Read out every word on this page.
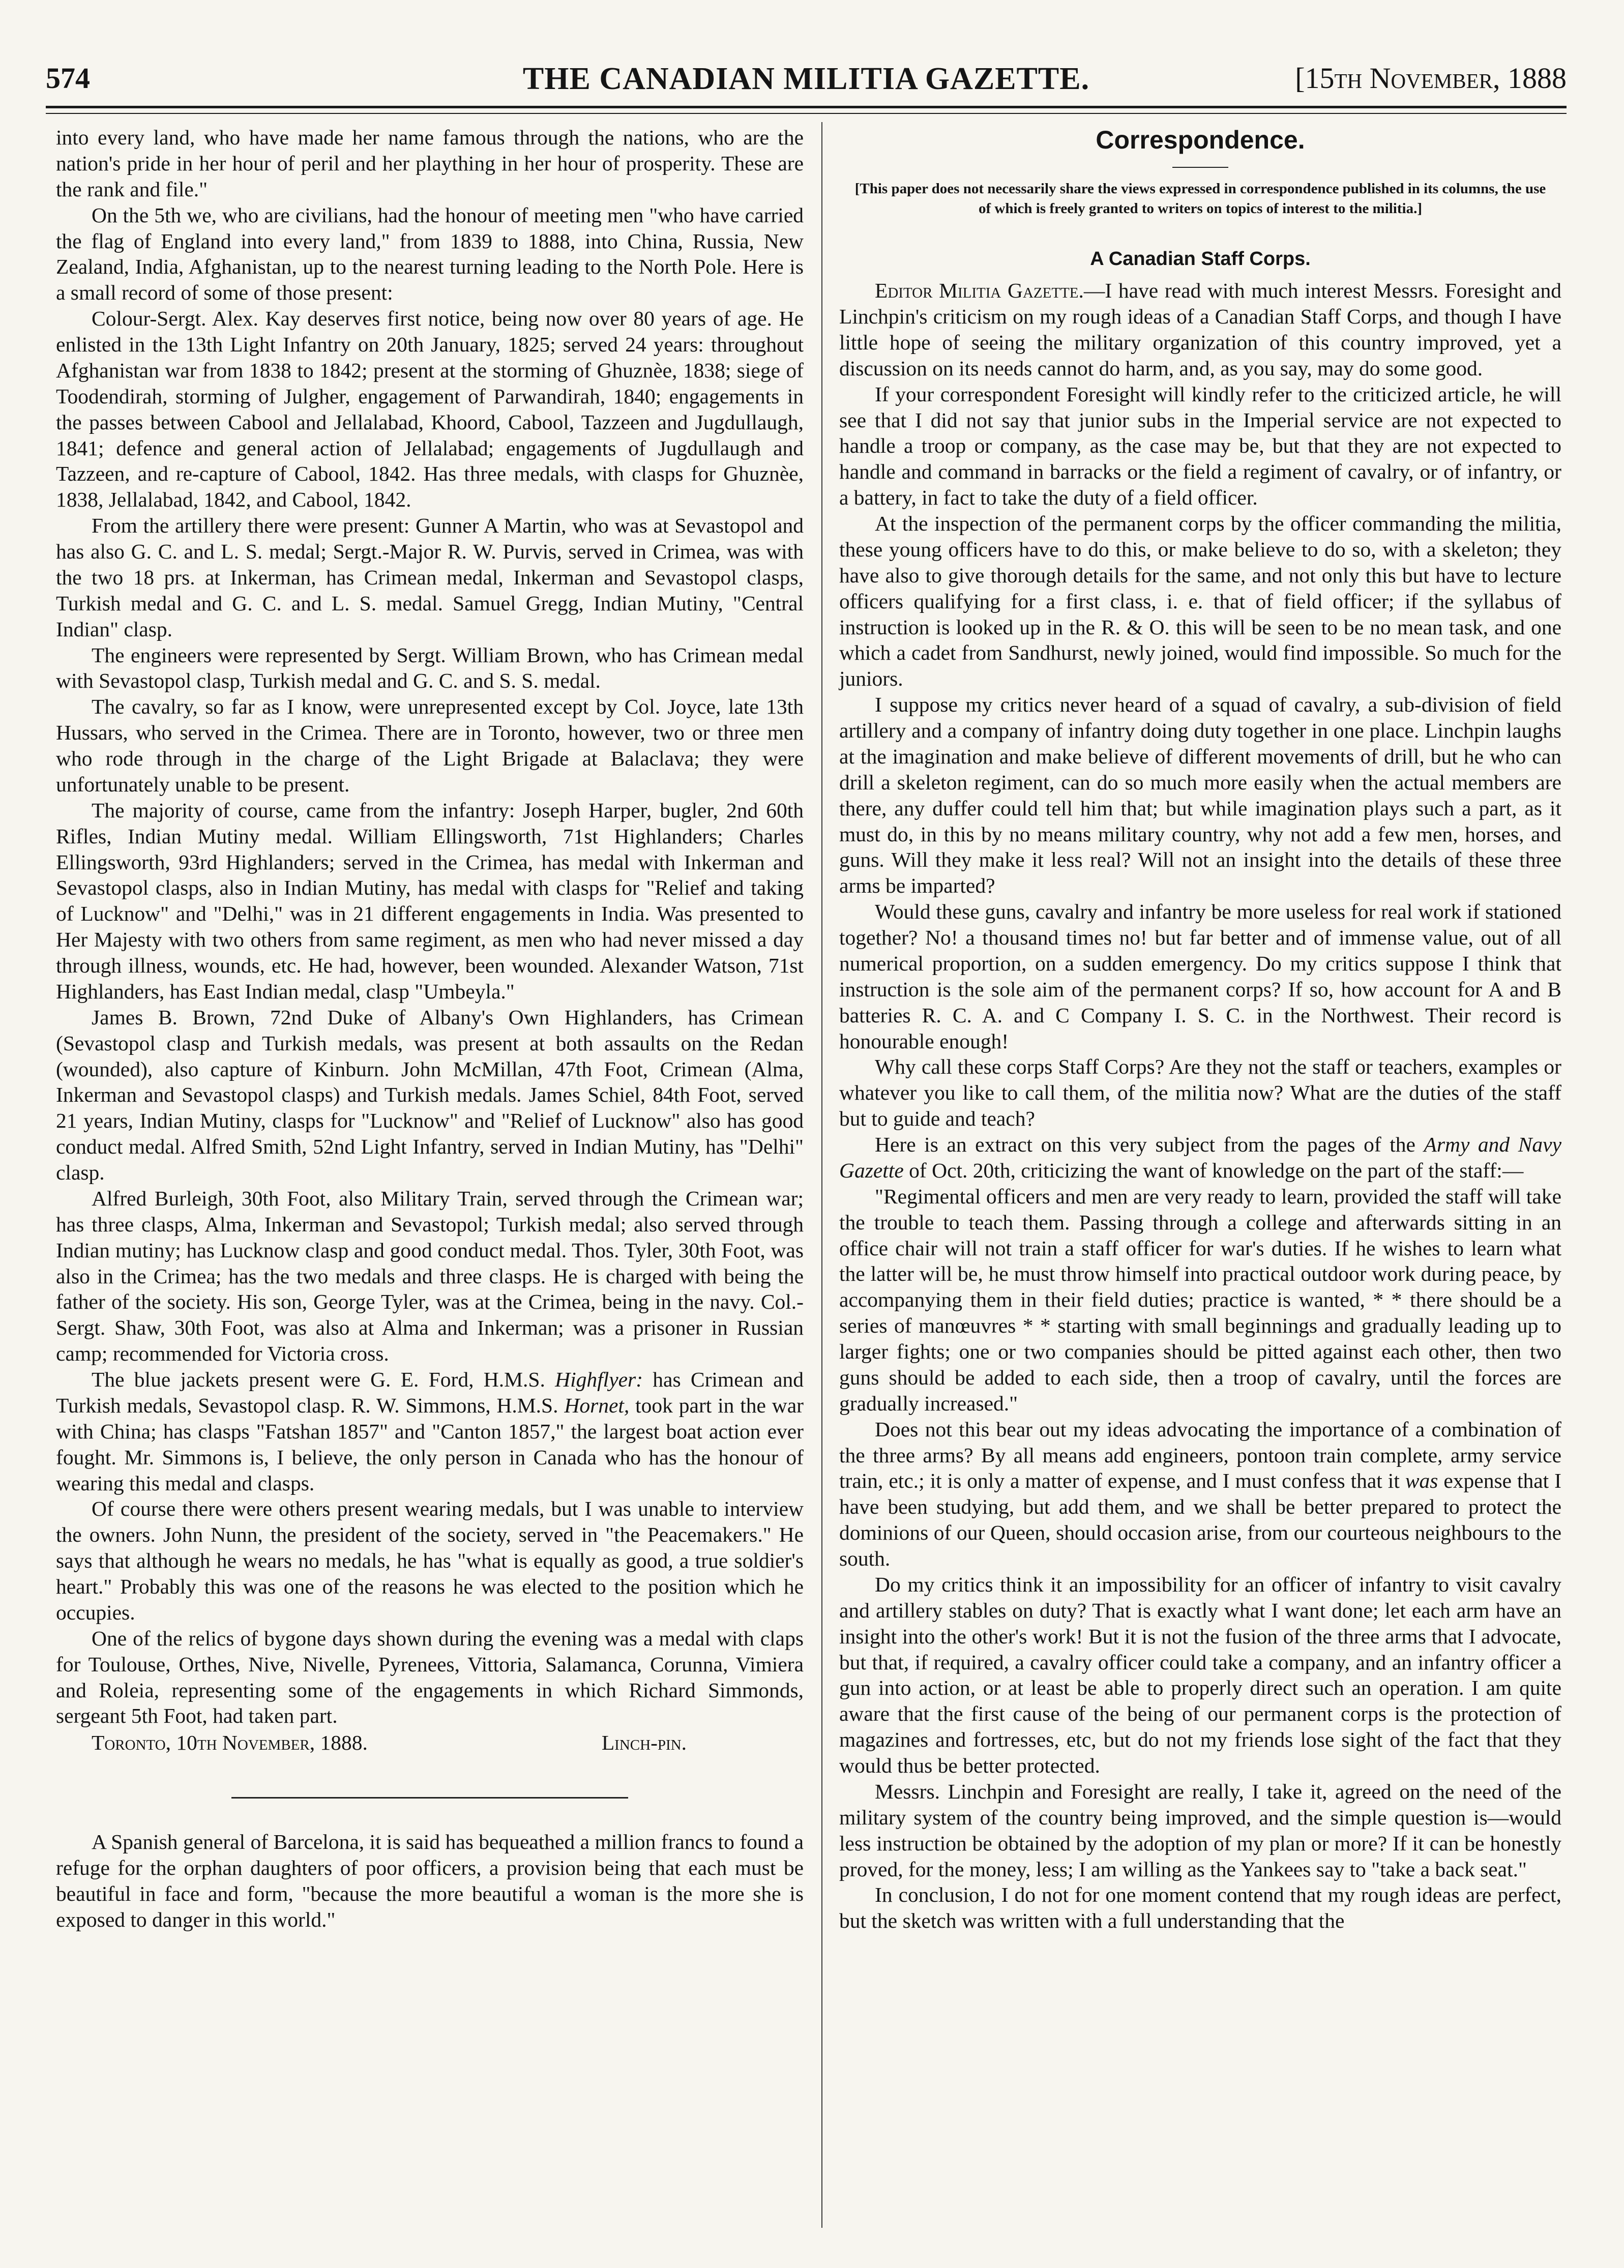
574	THE CANADIAN MILITIA GAZETTE.	[15th November, 1888

into every land, who have made her name famous through the nations, who are the nation's pride in her hour of peril and her plaything in her hour of prosperity. These are the rank and file."

On the 5th we, who are civilians, had the honour of meeting men "who have carried the flag of England into every land," from 1839 to 1888, into China, Russia, New Zealand, India, Afghanistan, up to the nearest turning leading to the North Pole. Here is a small record of some of those present:

Colour-Sergt. Alex. Kay deserves first notice, being now over 80 years of age. He enlisted in the 13th Light Infantry on 20th January, 1825; served 24 years: throughout Afghanistan war from 1838 to 1842; present at the storming of Ghuznèe, 1838; siege of Toodendirah, storming of Julgher, engagement of Parwandirah, 1840; engagements in the passes between Cabool and Jellalabad, Khoord, Cabool, Tazzeen and Jugdullaugh, 1841; defence and general action of Jellalabad; engagements of Jugdullaugh and Tazzeen, and re-capture of Cabool, 1842. Has three medals, with clasps for Ghuznèe, 1838, Jellalabad, 1842, and Cabool, 1842.

From the artillery there were present: Gunner A Martin, who was at Sevastopol and has also G. C. and L. S. medal; Sergt.-Major R. W. Purvis, served in Crimea, was with the two 18 prs. at Inkerman, has Crimean medal, Inkerman and Sevastopol clasps, Turkish medal and G. C. and L. S. medal. Samuel Gregg, Indian Mutiny, "Central Indian" clasp.

The engineers were represented by Sergt. William Brown, who has Crimean medal with Sevastopol clasp, Turkish medal and G. C. and S. S. medal.

The cavalry, so far as I know, were unrepresented except by Col. Joyce, late 13th Hussars, who served in the Crimea. There are in Toronto, however, two or three men who rode through in the charge of the Light Brigade at Balaclava; they were unfortunately unable to be present.

The majority of course, came from the infantry: Joseph Harper, bugler, 2nd 60th Rifles, Indian Mutiny medal. William Ellingsworth, 71st Highlanders; Charles Ellingsworth, 93rd Highlanders; served in the Crimea, has medal with Inkerman and Sevastopol clasps, also in Indian Mutiny, has medal with clasps for "Relief and taking of Lucknow" and "Delhi," was in 21 different engagements in India. Was presented to Her Majesty with two others from same regiment, as men who had never missed a day through illness, wounds, etc. He had, however, been wounded. Alexander Watson, 71st Highlanders, has East Indian medal, clasp "Umbeyla."

James B. Brown, 72nd Duke of Albany's Own Highlanders, has Crimean (Sevastopol clasp and Turkish medals, was present at both assaults on the Redan (wounded), also capture of Kinburn. John McMillan, 47th Foot, Crimean (Alma, Inkerman and Sevastopol clasps) and Turkish medals. James Schiel, 84th Foot, served 21 years, Indian Mutiny, clasps for "Lucknow" and "Relief of Lucknow" also has good conduct medal. Alfred Smith, 52nd Light Infantry, served in Indian Mutiny, has "Delhi" clasp.

Alfred Burleigh, 30th Foot, also Military Train, served through the Crimean war; has three clasps, Alma, Inkerman and Sevastopol; Turkish medal; also served through Indian mutiny; has Lucknow clasp and good conduct medal. Thos. Tyler, 30th Foot, was also in the Crimea; has the two medals and three clasps. He is charged with being the father of the society. His son, George Tyler, was at the Crimea, being in the navy. Col.-Sergt. Shaw, 30th Foot, was also at Alma and Inkerman; was a prisoner in Russian camp; recommended for Victoria cross.

The blue jackets present were G. E. Ford, H.M.S. Highflyer: has Crimean and Turkish medals, Sevastopol clasp. R. W. Simmons, H.M.S. Hornet, took part in the war with China; has clasps "Fatshan 1857" and "Canton 1857," the largest boat action ever fought. Mr. Simmons is, I believe, the only person in Canada who has the honour of wearing this medal and clasps.

Of course there were others present wearing medals, but I was unable to interview the owners. John Nunn, the president of the society, served in "the Peacemakers." He says that although he wears no medals, he has "what is equally as good, a true soldier's heart." Probably this was one of the reasons he was elected to the position which he occupies.

One of the relics of bygone days shown during the evening was a medal with claps for Toulouse, Orthes, Nive, Nivelle, Pyrenees, Vittoria, Salamanca, Corunna, Vimiera and Roleia, representing some of the engagements in which Richard Simmonds, sergeant 5th Foot, had taken part.

Toronto, 10th November, 1888.	Linch-pin.

A Spanish general of Barcelona, it is said has bequeathed a million francs to found a refuge for the orphan daughters of poor officers, a provision being that each must be beautiful in face and form, "because the more beautiful a woman is the more she is exposed to danger in this world."

Correspondence.
[This paper does not necessarily share the views expressed in correspondence published in its columns, the use of which is freely granted to writers on topics of interest to the militia.]
A Canadian Staff Corps.

Editor Militia Gazette.—I have read with much interest Messrs. Foresight and Linchpin's criticism on my rough ideas of a Canadian Staff Corps, and though I have little hope of seeing the military organization of this country improved, yet a discussion on its needs cannot do harm, and, as you say, may do some good.

If your correspondent Foresight will kindly refer to the criticized article, he will see that I did not say that junior subs in the Imperial service are not expected to handle a troop or company, as the case may be, but that they are not expected to handle and command in barracks or the field a regiment of cavalry, or of infantry, or a battery, in fact to take the duty of a field officer.

At the inspection of the permanent corps by the officer commanding the militia, these young officers have to do this, or make believe to do so, with a skeleton; they have also to give thorough details for the same, and not only this but have to lecture officers qualifying for a first class, i. e. that of field officer; if the syllabus of instruction is looked up in the R. & O. this will be seen to be no mean task, and one which a cadet from Sandhurst, newly joined, would find impossible. So much for the juniors.

I suppose my critics never heard of a squad of cavalry, a sub-division of field artillery and a company of infantry doing duty together in one place. Linchpin laughs at the imagination and make believe of different movements of drill, but he who can drill a skeleton regiment, can do so much more easily when the actual members are there, any duffer could tell him that; but while imagination plays such a part, as it must do, in this by no means military country, why not add a few men, horses, and guns. Will they make it less real? Will not an insight into the details of these three arms be imparted?

Would these guns, cavalry and infantry be more useless for real work if stationed together? No! a thousand times no! but far better and of immense value, out of all numerical proportion, on a sudden emergency. Do my critics suppose I think that instruction is the sole aim of the permanent corps? If so, how account for A and B batteries R. C. A. and C Company I. S. C. in the Northwest. Their record is honourable enough!

Why call these corps Staff Corps? Are they not the staff or teachers, examples or whatever you like to call them, of the militia now? What are the duties of the staff but to guide and teach?

Here is an extract on this very subject from the pages of the Army and Navy Gazette of Oct. 20th, criticizing the want of knowledge on the part of the staff:—

"Regimental officers and men are very ready to learn, provided the staff will take the trouble to teach them. Passing through a college and afterwards sitting in an office chair will not train a staff officer for war's duties. If he wishes to learn what the latter will be, he must throw himself into practical outdoor work during peace, by accompanying them in their field duties; practice is wanted, * * there should be a series of manœuvres * * starting with small beginnings and gradually leading up to larger fights; one or two companies should be pitted against each other, then two guns should be added to each side, then a troop of cavalry, until the forces are gradually increased."

Does not this bear out my ideas advocating the importance of a combination of the three arms? By all means add engineers, pontoon train complete, army service train, etc.; it is only a matter of expense, and I must confess that it was expense that I have been studying, but add them, and we shall be better prepared to protect the dominions of our Queen, should occasion arise, from our courteous neighbours to the south.

Do my critics think it an impossibility for an officer of infantry to visit cavalry and artillery stables on duty? That is exactly what I want done; let each arm have an insight into the other's work! But it is not the fusion of the three arms that I advocate, but that, if required, a cavalry officer could take a company, and an infantry officer a gun into action, or at least be able to properly direct such an operation. I am quite aware that the first cause of the being of our permanent corps is the protection of magazines and fortresses, etc, but do not my friends lose sight of the fact that they would thus be better protected.

Messrs. Linchpin and Foresight are really, I take it, agreed on the need of the military system of the country being improved, and the simple question is—would less instruction be obtained by the adoption of my plan or more? If it can be honestly proved, for the money, less; I am willing as the Yankees say to "take a back seat."

In conclusion, I do not for one moment contend that my rough ideas are perfect, but the sketch was written with a full understanding that the
